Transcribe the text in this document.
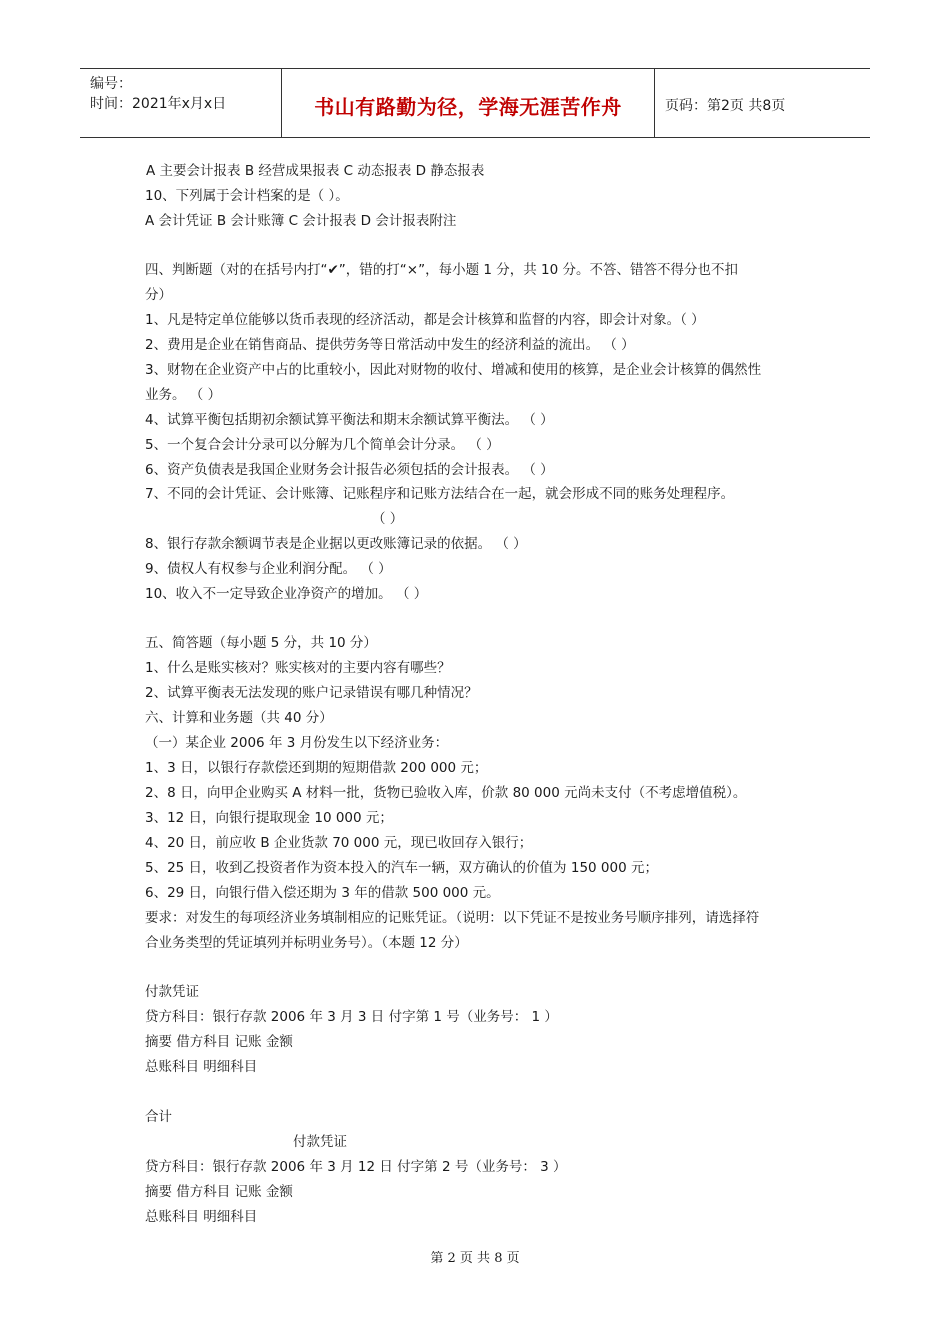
编号：
时间：2021年x月x日	书山有路勤为径，学海无涯苦作舟	页码：第2页 共8页
A 主要会计报表 B 经营成果报表 C 动态报表 D 静态报表
10、下列属于会计档案的是（ ）。
A 会计凭证 B 会计账簿 C 会计报表 D 会计报表附注
四、判断题（对的在括号内打“✔”，错的打“×”，每小题 1 分，共 10 分。不答、错答不得分也不扣
分）
1、凡是特定单位能够以货币表现的经济活动，都是会计核算和监督的内容，即会计对象。（ ）
2、费用是企业在销售商品、提供劳务等日常活动中发生的经济利益的流出。 （ ）
3、财物在企业资产中占的比重较小，因此对财物的收付、增减和使用的核算，是企业会计核算的偶然性
业务。 （ ）
4、试算平衡包括期初余额试算平衡法和期末余额试算平衡法。 （ ）
5、一个复合会计分录可以分解为几个简单会计分录。 （ ）
6、资产负债表是我国企业财务会计报告必须包括的会计报表。 （ ）
7、不同的会计凭证、会计账簿、记账程序和记账方法结合在一起，就会形成不同的账务处理程序。
（ ）
8、银行存款余额调节表是企业据以更改账簿记录的依据。 （ ）
9、债权人有权参与企业利润分配。 （ ）
10、收入不一定导致企业净资产的增加。 （ ）
五、简答题（每小题 5 分，共 10 分）
1、什么是账实核对？账实核对的主要内容有哪些？
2、试算平衡表无法发现的账户记录错误有哪几种情况？
六、计算和业务题（共 40 分）
（一）某企业 2006 年 3 月份发生以下经济业务：
1、3 日，以银行存款偿还到期的短期借款 200 000 元；
2、8 日，向甲企业购买 A 材料一批，货物已验收入库，价款 80 000 元尚未支付（不考虑增值税）。
3、12 日，向银行提取现金 10 000 元；
4、20 日，前应收 B 企业货款 70 000 元，现已收回存入银行；
5、25 日，收到乙投资者作为资本投入的汽车一辆，双方确认的价值为 150 000 元；
6、29 日，向银行借入偿还期为 3 年的借款 500 000 元。
要求：对发生的每项经济业务填制相应的记账凭证。（说明：以下凭证不是按业务号顺序排列，请选择符
合业务类型的凭证填列并标明业务号）。（本题 12 分）
付款凭证
贷方科目：银行存款 2006 年 3 月 3 日 付字第 1 号（业务号： 1 ）
摘要 借方科目 记账 金额
总账科目 明细科目
合计
付款凭证
贷方科目：银行存款 2006 年 3 月 12 日 付字第 2 号（业务号： 3 ）
摘要 借方科目 记账 金额
总账科目 明细科目
第 2 页 共 8 页
